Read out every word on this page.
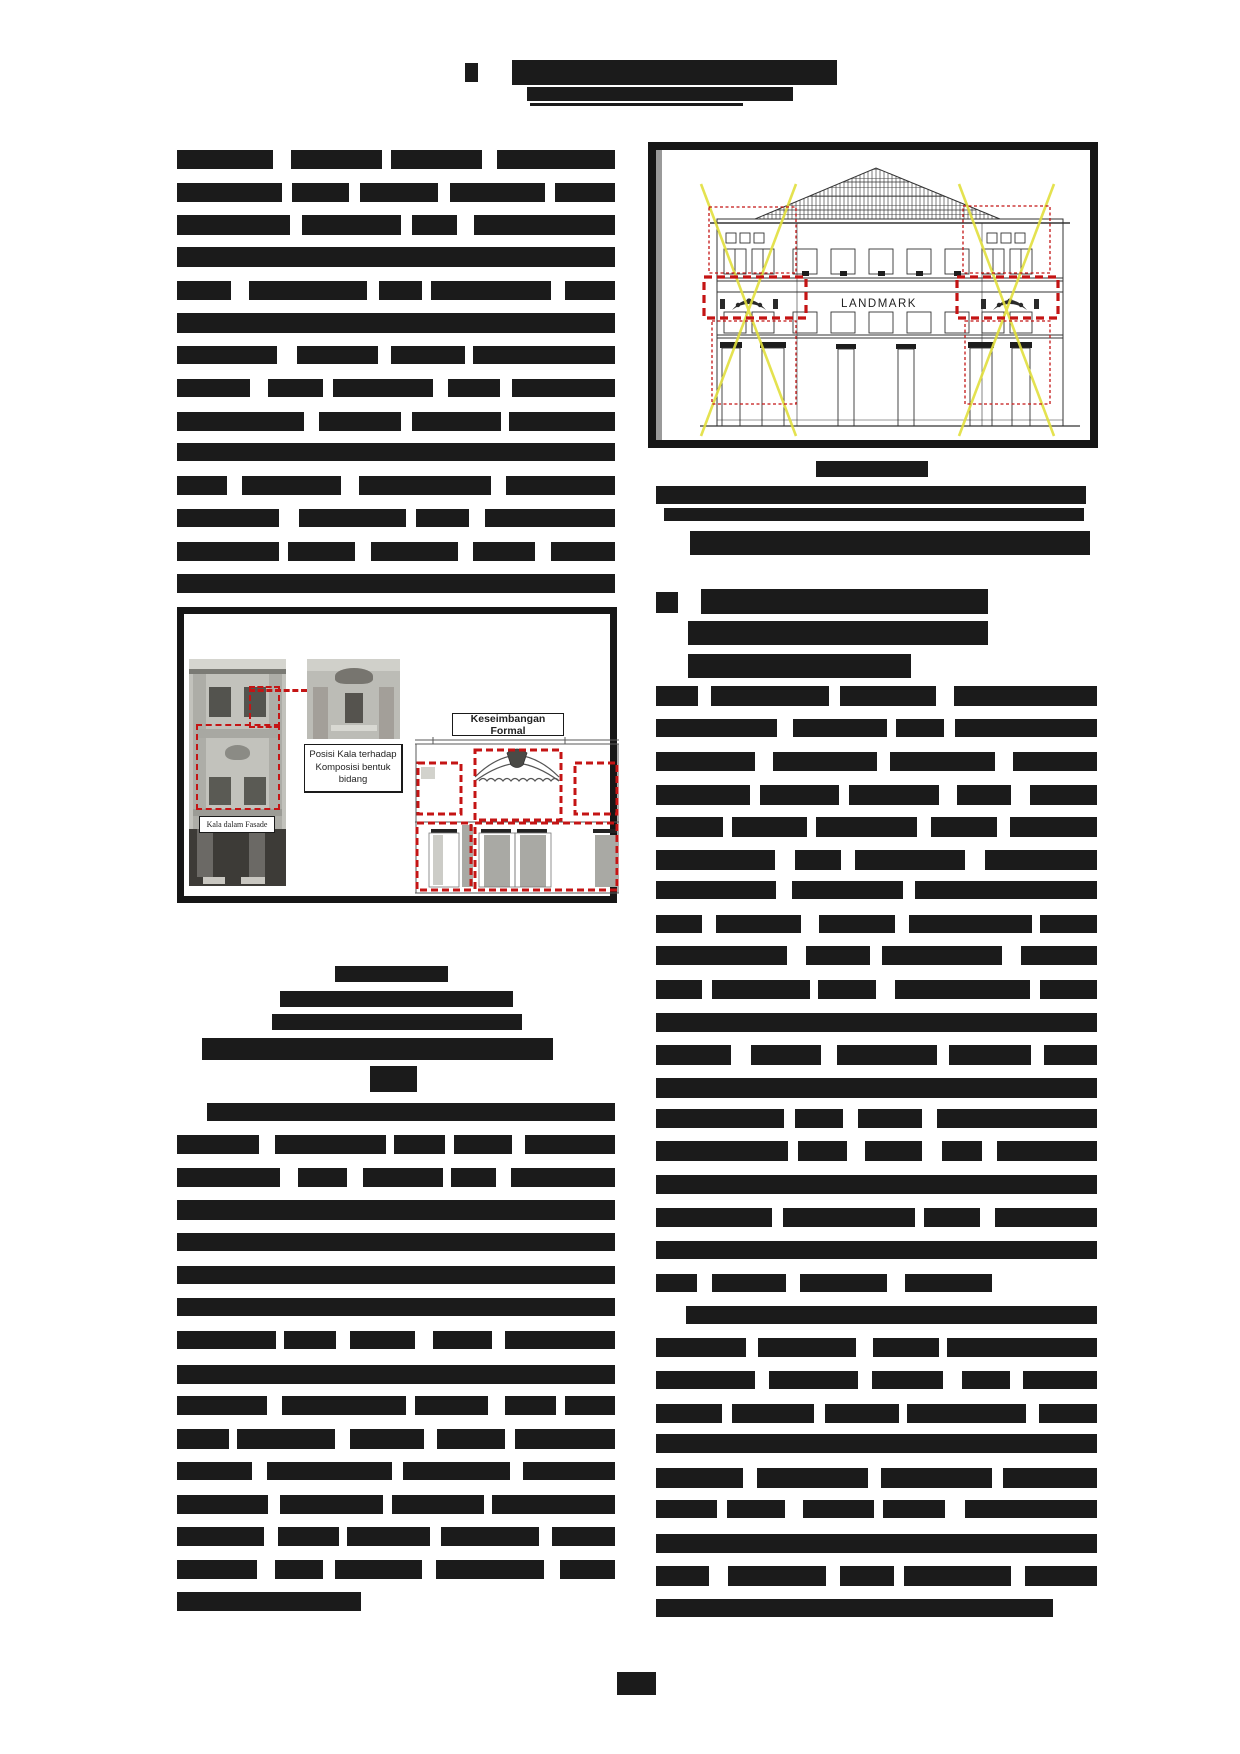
Kala dalam Fasade
Posisi Kala terhadap
Komposisi bentuk
bidang
Keseimbangan Formal
LANDMARK
